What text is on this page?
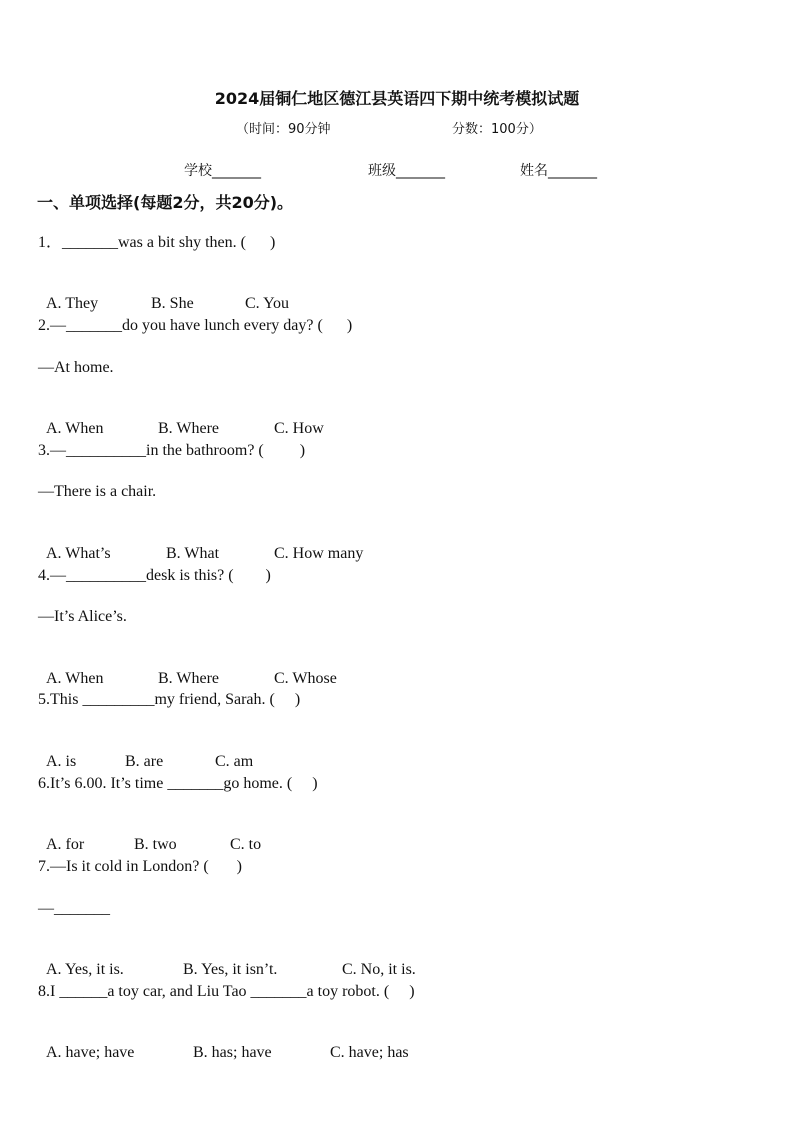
2024届铜仁地区德江县英语四下期中统考模拟试题
（时间：90分钟	分数：100分）
学校_______	班级_______	姓名_______
一、单项选择(每题2分，共20分)。
1．_______was a bit shy then. (      )

A. They	B. She	C. You

2.—_______do you have lunch every day? (      )
—At home.

A. When	B. Where	C. How

3.—__________in the bathroom? (         )
—There is a chair.

A. What’s	B. What	C. How many

4.—__________desk is this? (        )
—It’s Alice’s.

A. When	B. Where	C. Whose

5.This _________my friend, Sarah. (     )

A. is	B. are	C. am

6.It’s 6.00. It’s time _______go home. (     )

A. for	B. two	C. to

7.—Is it cold in London? (       )
—_______

A. Yes, it is.	B. Yes, it isn’t.	C. No, it is.

8.I ______a toy car, and Liu Tao _______a toy robot. (     )

A. have; have	B. has; have	C. have; has
